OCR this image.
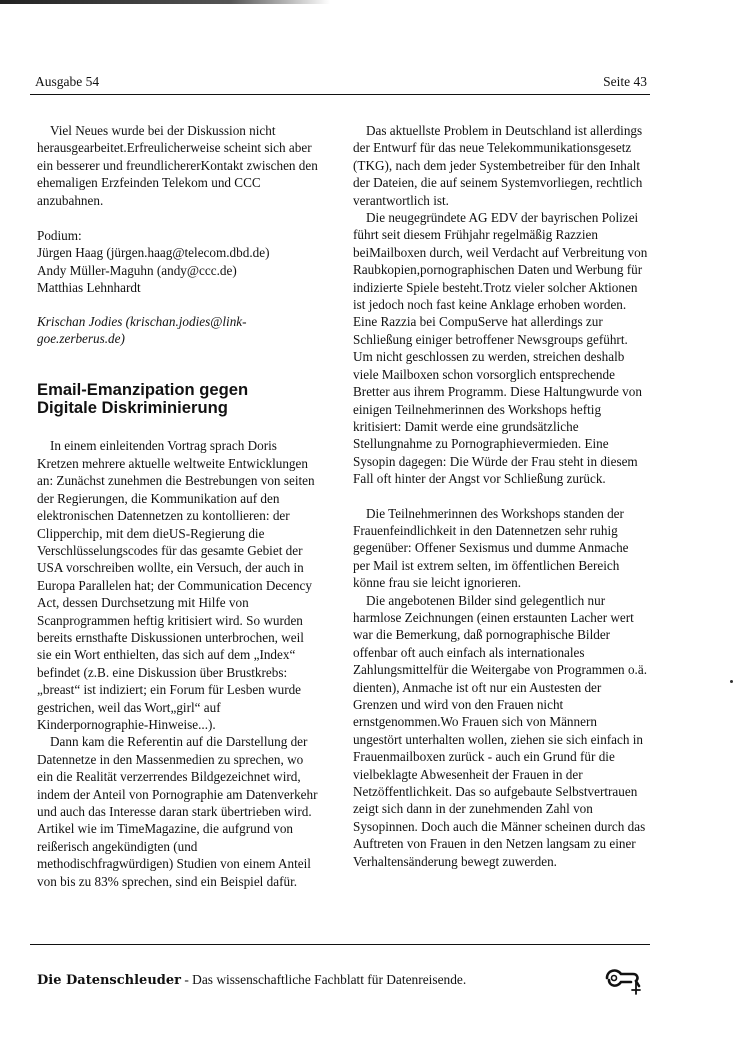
Ausgabe 54	Seite 43

Viel Neues wurde bei der Diskussion nicht herausgearbeitet.Erfreulicherweise scheint sich aber ein besserer und freundlichererKontakt zwischen den ehemaligen Erzfeinden Telekom und CCC anzubahnen.

Podium:
Jürgen Haag (jürgen.haag@telecom.dbd.de)
Andy Müller-Maguhn (andy@ccc.de)
Matthias Lehnhardt
Krischan Jodies (krischan.jodies@link-goe.zerberus.de)
Email-Emanzipation gegen
Digitale Diskriminierung

In einem einleitenden Vortrag sprach Doris Kretzen mehrere aktuelle weltweite Entwicklungen an: Zunächst zunehmen die Bestrebungen von seiten der Regierungen, die Kommunikation auf den elektronischen Datennetzen zu kontollieren: der Clipperchip, mit dem dieUS-Regierung die Verschlüsselungscodes für das gesamte Gebiet der USA vorschreiben wollte, ein Versuch, der auch in Europa Parallelen hat; der Communication Decency Act, dessen Durchsetzung mit Hilfe von Scanprogrammen heftig kritisiert wird. So wurden bereits ernsthafte Diskussionen unterbrochen, weil sie ein Wort enthielten, das sich auf dem „Index“ befindet (z.B. eine Diskussion über Brustkrebs: „breast“ ist indiziert; ein Forum für Lesben wurde gestrichen, weil das Wort„girl“ auf Kinderpornographie-Hinweise...).

Dann kam die Referentin auf die Darstellung der Datennetze in den Massenmedien zu sprechen, wo ein die Realität verzerrendes Bildgezeichnet wird, indem der Anteil von Pornographie am Datenverkehr und auch das Interesse daran stark übertrieben wird. Artikel wie im TimeMagazine, die aufgrund von reißerisch angekündigten (und methodischfragwürdigen) Studien von einem Anteil von bis zu 83% sprechen, sind ein Beispiel dafür.

Das aktuellste Problem in Deutschland ist allerdings der Entwurf für das neue Telekommunikationsgesetz (TKG), nach dem jeder Systembetreiber für den Inhalt der Dateien, die auf seinem Systemvorliegen, rechtlich verantwortlich ist.

Die neugegründete AG EDV der bayrischen Polizei führt seit diesem Frühjahr regelmäßig Razzien beiMailboxen durch, weil Verdacht auf Verbreitung von Raubkopien,pornographischen Daten und Werbung für indizierte Spiele besteht.Trotz vieler solcher Aktionen ist jedoch noch fast keine Anklage erhoben worden. Eine Razzia bei CompuServe hat allerdings zur Schließung einiger betroffener Newsgroups geführt. Um nicht geschlossen zu werden, streichen deshalb viele Mailboxen schon vorsorglich entsprechende Bretter aus ihrem Programm. Diese Haltungwurde von einigen Teilnehmerinnen des Workshops heftig kritisiert: Damit werde eine grundsätzliche Stellungnahme zu Pornographievermieden. Eine Sysopin dagegen: Die Würde der Frau steht in diesem Fall oft hinter der Angst vor Schließung zurück.

Die Teilnehmerinnen des Workshops standen der Frauenfeindlichkeit in den Datennetzen sehr ruhig gegenüber: Offener Sexismus und dumme Anmache per Mail ist extrem selten, im öffentlichen Bereich könne frau sie leicht ignorieren.

Die angebotenen Bilder sind gelegentlich nur harmlose Zeichnungen (einen erstaunten Lacher wert war die Bemerkung, daß pornographische Bilder offenbar oft auch einfach als internationales Zahlungsmittelfür die Weitergabe von Programmen o.ä. dienten), Anmache ist oft nur ein Austesten der Grenzen und wird von den Frauen nicht ernstgenommen.Wo Frauen sich von Männern ungestört unterhalten wollen, ziehen sie sich einfach in Frauenmailboxen zurück - auch ein Grund für die vielbeklagte Abwesenheit der Frauen in der Netzöffentlichkeit. Das so aufgebaute Selbstvertrauen zeigt sich dann in der zunehmenden Zahl von Sysopinnen. Doch auch die Männer scheinen durch das Auftreten von Frauen in den Netzen langsam zu einer Verhaltensänderung bewegt zuwerden.

Die Datenschleuder - Das wissenschaftliche Fachblatt für Datenreisende.
